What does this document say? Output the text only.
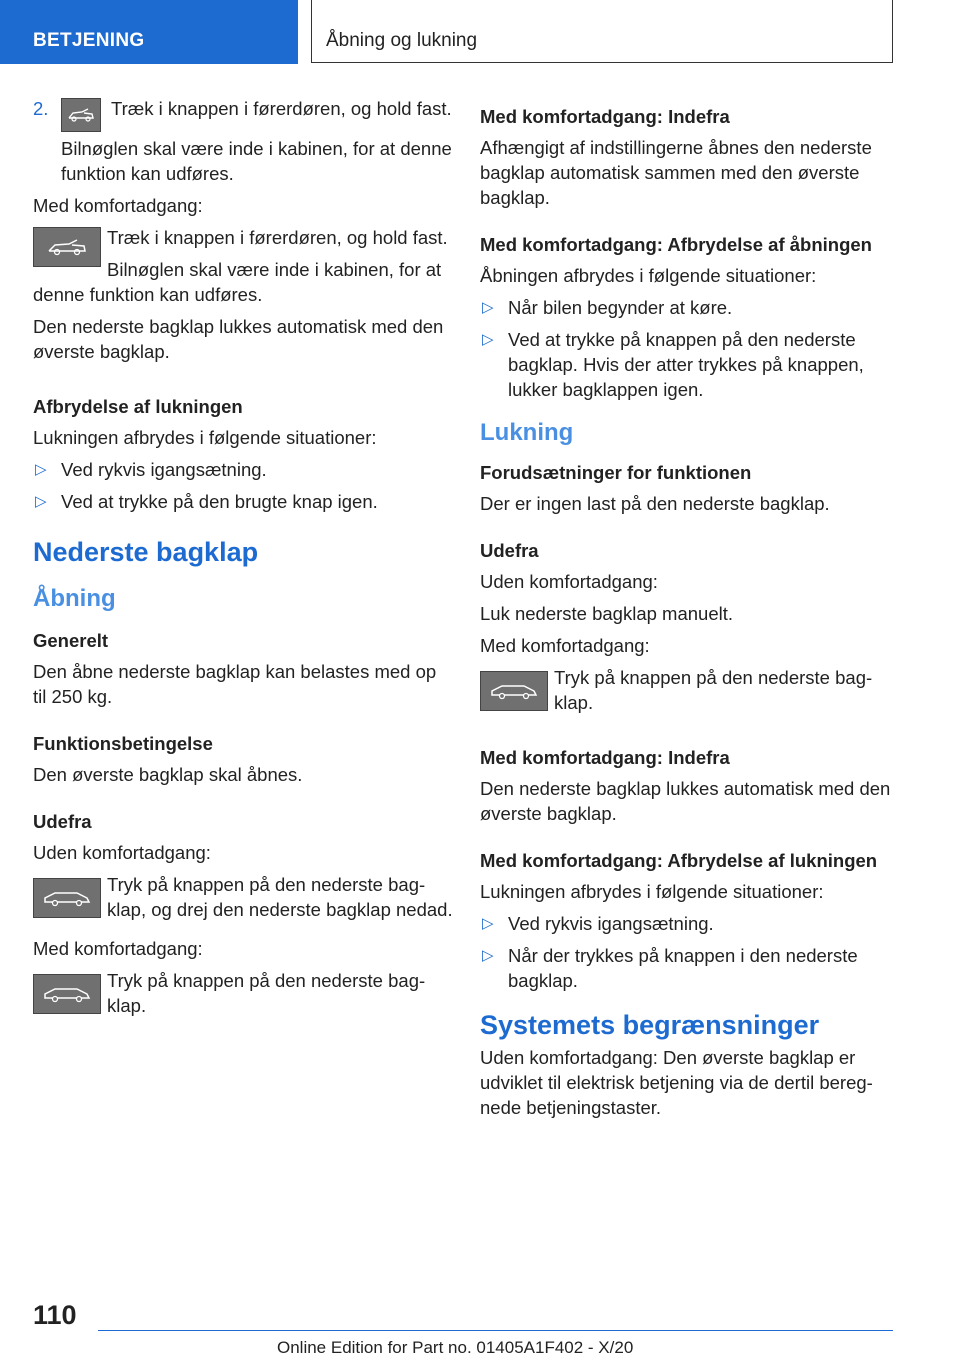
BETJENING	Åbning og lukning
2.	Træk i knappen i førerdøren, og hold fast.

Bilnøglen skal være inde i kabinen, for at denne funktion kan udføres.

Med komfortadgang:

Træk i knappen i førerdøren, og hold fast.

Bilnøglen skal være inde i kabinen, for at denne funktion kan udføres.

Den nederste bagklap lukkes automatisk med den øverste bagklap.

Afbrydelse af lukningen

Lukningen afbrydes i følgende situationer:

▷ Ved rykvis igangsætning.
▷ Ved at trykke på den brugte knap igen.
Nederste bagklap
Åbning

Generelt

Den åbne nederste bagklap kan belastes med op til 250 kg.

Funktionsbetingelse

Den øverste bagklap skal åbnes.

Udefra

Uden komfortadgang:

Tryk på knappen på den nederste bag-klap, og drej den nederste bagklap nedad.

Med komfortadgang:

Tryk på knappen på den nederste bag-klap.

Med komfortadgang: Indefra

Afhængigt af indstillingerne åbnes den nederste bagklap automatisk sammen med den øverste bagklap.

Med komfortadgang: Afbrydelse af åbningen

Åbningen afbrydes i følgende situationer:

▷ Når bilen begynder at køre.
▷ Ved at trykke på knappen på den nederste bagklap. Hvis der atter trykkes på knappen, lukker bagklappen igen.
Lukning

Forudsætninger for funktionen

Der er ingen last på den nederste bagklap.

Udefra

Uden komfortadgang:

Luk nederste bagklap manuelt.

Med komfortadgang:

Tryk på knappen på den nederste bag-klap.

Med komfortadgang: Indefra

Den nederste bagklap lukkes automatisk med den øverste bagklap.

Med komfortadgang: Afbrydelse af lukningen

Lukningen afbrydes i følgende situationer:

▷ Ved rykvis igangsætning.
▷ Når der trykkes på knappen i den nederste bagklap.
Systemets begrænsninger

Uden komfortadgang: Den øverste bagklap er udviklet til elektrisk betjening via de dertil bereg-nede betjeningstaster.

110
Online Edition for Part no. 01405A1F402 - X/20
